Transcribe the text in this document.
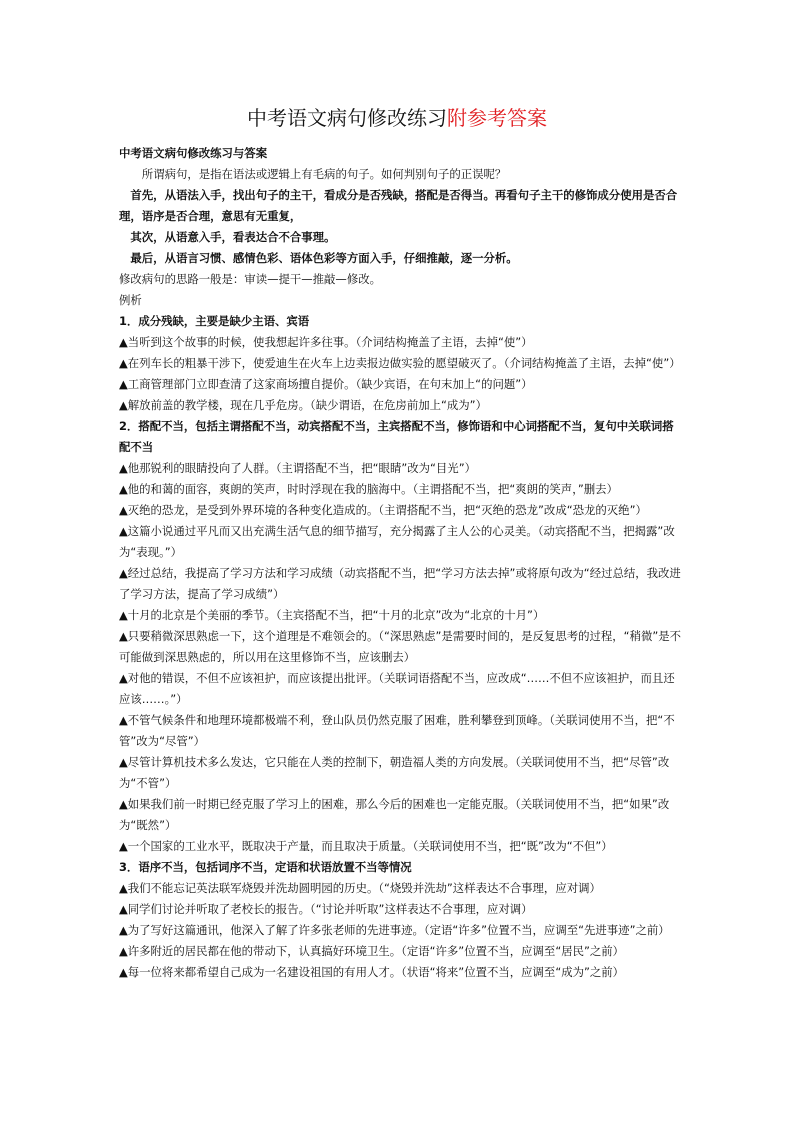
中考语文病句修改练习附参考答案

中考语文病句修改练习与答案

所谓病句，是指在语法或逻辑上有毛病的句子。如何判别句子的正误呢？

首先，从语法入手，找出句子的主干，看成分是否残缺，搭配是否得当。再看句子主干的修饰成分使用是否合理，语序是否合理，意思有无重复，

其次，从语意入手，看表达合不合事理。

最后，从语言习惯、感情色彩、语体色彩等方面入手，仔细推敲，逐一分析。

修改病句的思路一般是：审读—提干—推敲—修改。

例析

1．成分残缺，主要是缺少主语、宾语

▲当听到这个故事的时候，使我想起许多往事。（介词结构掩盖了主语，去掉“使”）

▲在列车长的粗暴干涉下，使爱迪生在火车上边卖报边做实验的愿望破灭了。（介词结构掩盖了主语，去掉“使”）

▲工商管理部门立即查清了这家商场擅自提价。（缺少宾语，在句末加上“的问题”）

▲解放前盖的教学楼，现在几乎危房。（缺少谓语，在危房前加上“成为”）

2．搭配不当，包括主谓搭配不当，动宾搭配不当，主宾搭配不当，修饰语和中心词搭配不当，复句中关联词搭配不当

▲他那锐利的眼睛投向了人群。（主谓搭配不当，把“眼睛”改为“目光”）

▲他的和蔼的面容，爽朗的笑声，时时浮现在我的脑海中。（主谓搭配不当，把“爽朗的笑声，”删去）

▲灭绝的恐龙，是受到外界环境的各种变化造成的。（主谓搭配不当，把“灭绝的恐龙”改成“恐龙的灭绝”）

▲这篇小说通过平凡而又出充满生活气息的细节描写，充分揭露了主人公的心灵美。（动宾搭配不当，把揭露”改为“表现。”）

▲经过总结，我提高了学习方法和学习成绩（动宾搭配不当，把“学习方法去掉”或将原句改为“经过总结，我改进了学习方法，提高了学习成绩”）

▲十月的北京是个美丽的季节。（主宾搭配不当，把“十月的北京”改为“北京的十月”）

▲只要稍微深思熟虑一下，这个道理是不难领会的。（“深思熟虑”是需要时间的，是反复思考的过程，“稍微”是不可能做到深思熟虑的，所以用在这里修饰不当，应该删去）

▲对他的错误，不但不应该袒护，而应该提出批评。（关联词语搭配不当，应改成“……不但不应该袒护，而且还应该……。”）

▲不管气候条件和地理环境都极端不利，登山队员仍然克服了困难，胜利攀登到顶峰。（关联词使用不当，把“不管”改为“尽管”）

▲尽管计算机技术多么发达，它只能在人类的控制下，朝造福人类的方向发展。（关联词使用不当，把“尽管”改为“不管”）

▲如果我们前一时期已经克服了学习上的困难，那么今后的困难也一定能克服。（关联词使用不当，把“如果”改为“既然”）

▲一个国家的工业水平，既取决于产量，而且取决于质量。（关联词使用不当，把“既”改为“不但”）

3．语序不当，包括词序不当，定语和状语放置不当等情况

▲我们不能忘记英法联军烧毁并洗劫圆明园的历史。（“烧毁并洗劫”这样表达不合事理，应对调）

▲同学们讨论并听取了老校长的报告。（“讨论并听取”这样表达不合事理，应对调）

▲为了写好这篇通讯，他深入了解了许多张老师的先进事迹。（定语“许多”位置不当，应调至“先进事迹”之前）

▲许多附近的居民都在他的带动下，认真搞好环境卫生。（定语“许多”位置不当，应调至“居民”之前）

▲每一位将来都希望自己成为一名建设祖国的有用人才。（状语“将来”位置不当，应调至“成为”之前）
